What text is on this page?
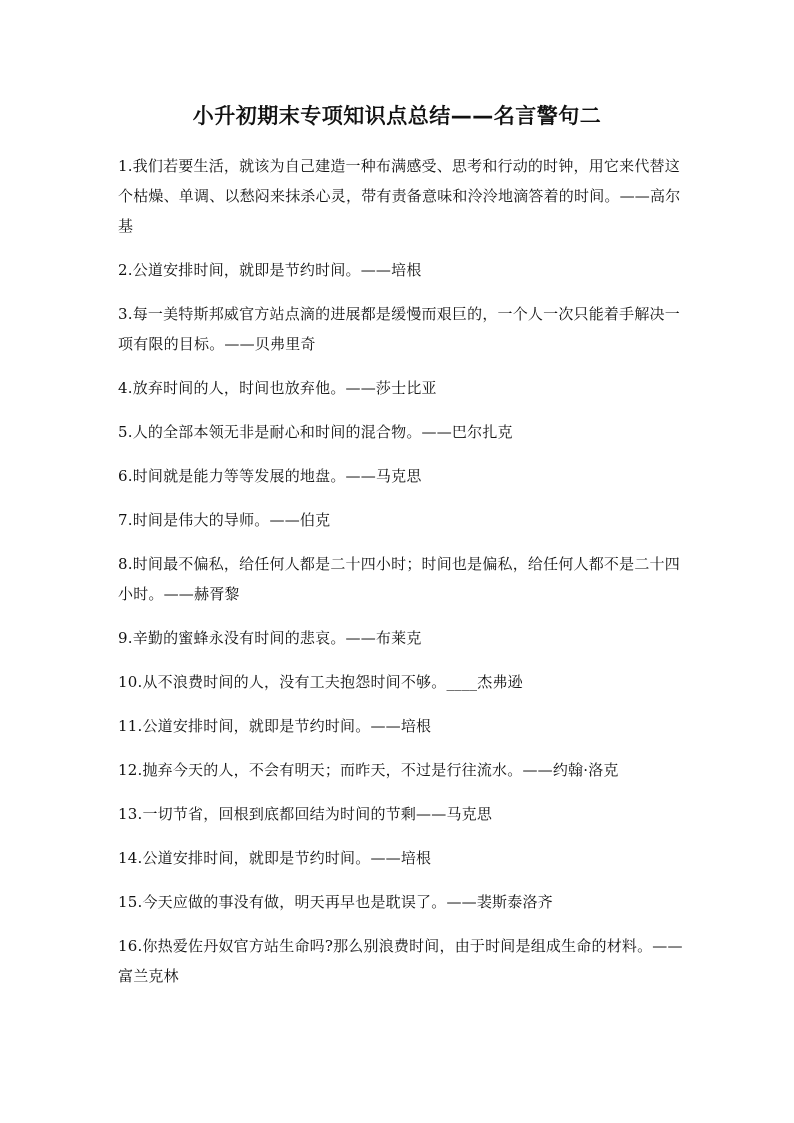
小升初期末专项知识点总结——名言警句二

1.我们若要生活，就该为自己建造一种布满感受、思考和行动的时钟，用它来代替这个枯燥、单调、以愁闷来抹杀心灵，带有责备意味和泠泠地滴答着的时间。——高尔基

2.公道安排时间，就即是节约时间。——培根

3.每一美特斯邦威官方站点滴的进展都是缓慢而艰巨的，一个人一次只能着手解决一项有限的目标。——贝弗里奇

4.放弃时间的人，时间也放弃他。——莎士比亚

5.人的全部本领无非是耐心和时间的混合物。——巴尔扎克

6.时间就是能力等等发展的地盘。——马克思

7.时间是伟大的导师。——伯克

8.时间最不偏私，给任何人都是二十四小时；时间也是偏私，给任何人都不是二十四小时。——赫胥黎

9.辛勤的蜜蜂永没有时间的悲哀。——布莱克

10.从不浪费时间的人，没有工夫抱怨时间不够。____杰弗逊

11.公道安排时间，就即是节约时间。——培根

12.抛弃今天的人，不会有明天；而昨天，不过是行往流水。——约翰·洛克

13.一切节省，回根到底都回结为时间的节剩——马克思

14.公道安排时间，就即是节约时间。——培根

15.今天应做的事没有做，明天再早也是耽误了。——裴斯泰洛齐

16.你热爱佐丹奴官方站生命吗?那么别浪费时间，由于时间是组成生命的材料。——富兰克林
